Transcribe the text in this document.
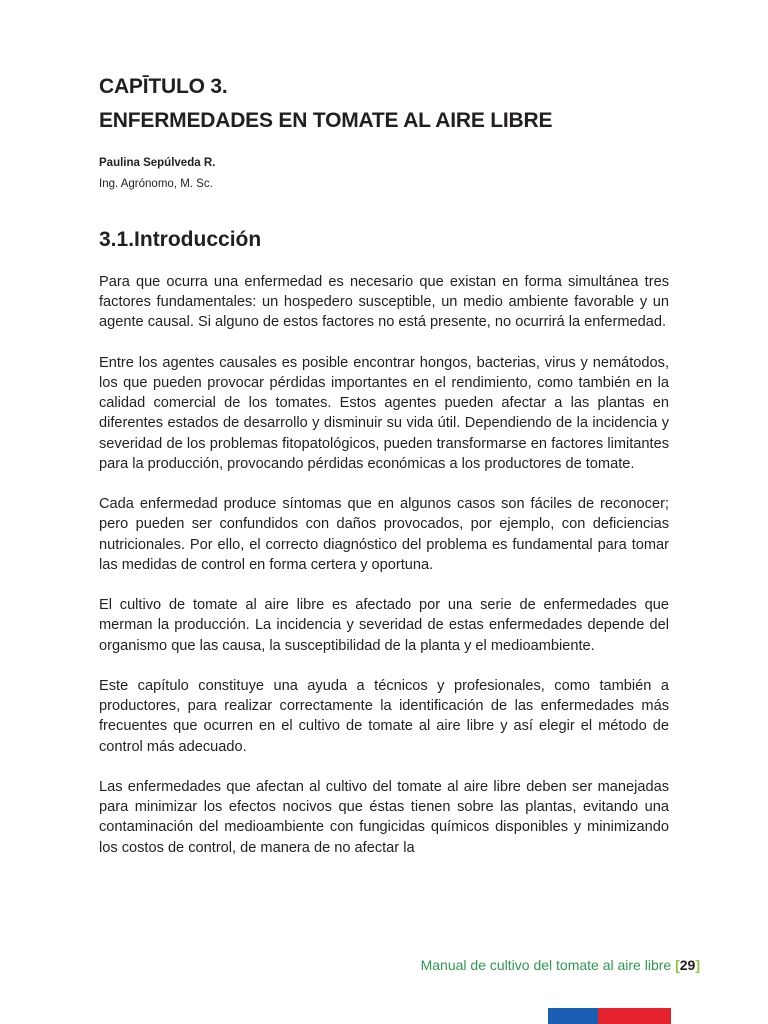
CAPĪTULO 3.
ENFERMEDADES EN TOMATE AL AIRE LIBRE
Paulina Sepúlveda R.
Ing. Agrónomo, M. Sc.
3.1.Introducción

Para que ocurra una enfermedad es necesario que existan en forma simultánea tres factores fundamentales: un hospedero susceptible, un medio ambiente favorable y un agente causal. Si alguno de estos factores no está presente, no ocurrirá la enfermedad.

Entre los agentes causales es posible encontrar hongos, bacterias, virus y nemátodos, los que pueden provocar pérdidas importantes en el rendimiento, como también en la calidad comercial de los tomates. Estos agentes pueden afectar a las plantas en diferentes estados de desarrollo y disminuir su vida útil. Dependiendo de la incidencia y severidad de los problemas fitopatológicos, pueden transformarse en factores limitantes para la producción, provocando pérdidas económicas a los productores de tomate.

Cada enfermedad produce síntomas que en algunos casos son fáciles de reconocer; pero pueden ser confundidos con daños provocados, por ejemplo, con deficiencias nutricionales. Por ello, el correcto diagnóstico del problema es fundamental para tomar las medidas de control en forma certera y oportuna.

El cultivo de tomate al aire libre es afectado por una serie de enfermedades que merman la producción. La incidencia y severidad de estas enfermedades depende del organismo que las causa, la susceptibilidad de la planta y el medioambiente.

Este capítulo constituye una ayuda a técnicos y profesionales, como también a productores, para realizar correctamente la identificación de las enfermedades más frecuentes que ocurren en el cultivo de tomate al aire libre y así elegir el método de control más adecuado.

Las enfermedades que afectan al cultivo del tomate al aire libre deben ser manejadas para minimizar los efectos nocivos que éstas tienen sobre las plantas, evitando una contaminación del medioambiente con fungicidas químicos disponibles y minimizando los costos de control, de manera de no afectar la

Manual de cultivo del tomate al aire libre [29]
